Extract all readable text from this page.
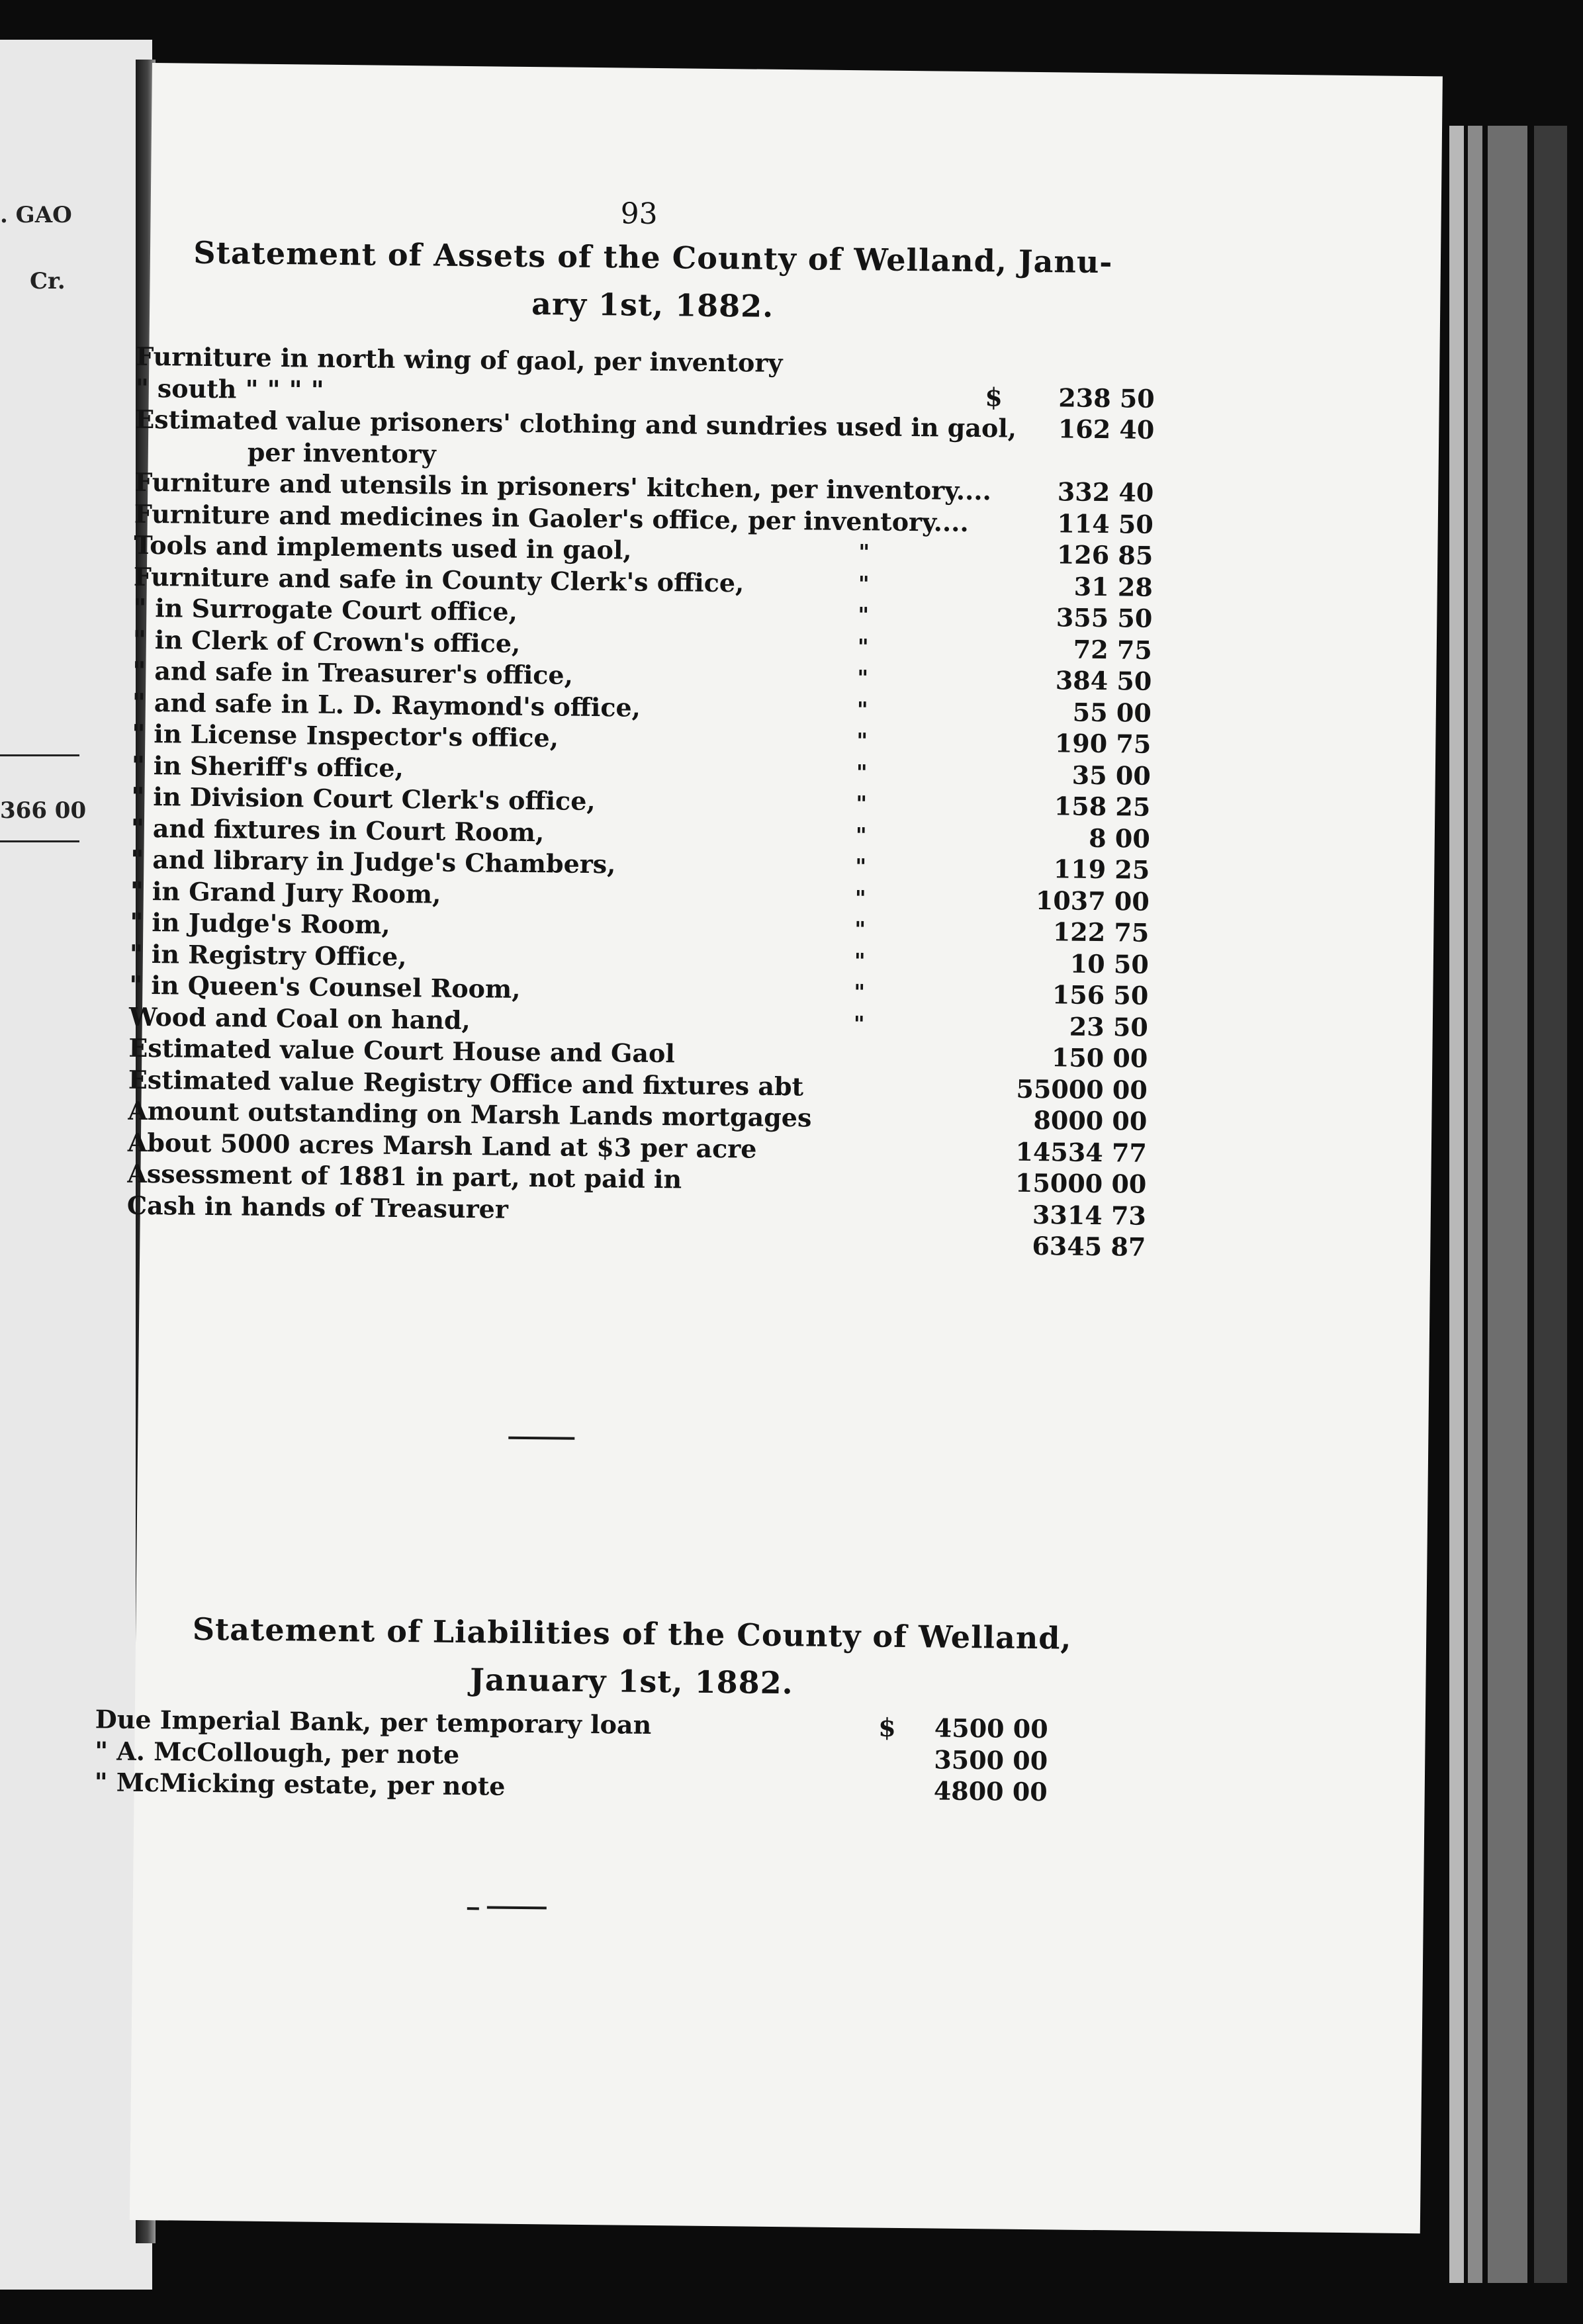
. GAO
Cr.
366 00
93
Statement of Assets of the County of Welland, Janu-
ary 1st, 1882.
Furniture in north wing of gaol, per inventory
" south " " " "	$	238 50
Estimated value prisoners' clothing and sundries used in gaol,	162 40
per inventory
Furniture and utensils in prisoners' kitchen, per inventory....	332 40
Furniture and medicines in Gaoler's office, per inventory....	114 50
Tools and implements used in gaol,	"	126 85
Furniture and safe in County Clerk's office,	"	31 28
" in Surrogate Court office,	"	355 50
" in Clerk of Crown's office,	"	72 75
" and safe in Treasurer's office,	"	384 50
" and safe in L. D. Raymond's office,	"	55 00
" in License Inspector's office,	"	190 75
" in Sheriff's office,	"	35 00
" in Division Court Clerk's office,	"	158 25
" and fixtures in Court Room,	"	8 00
" and library in Judge's Chambers,	"	119 25
" in Grand Jury Room,	"	1037 00
" in Judge's Room,	"	122 75
" in Registry Office,	"	10 50
" in Queen's Counsel Room,	"	156 50
Wood and Coal on hand,	"	23 50
Estimated value Court House and Gaol	150 00
Estimated value Registry Office and fixtures abt	55000 00
Amount outstanding on Marsh Lands mortgages	8000 00
About 5000 acres Marsh Land at $3 per acre	14534 77
Assessment of 1881 in part, not paid in	15000 00
Cash in hands of Treasurer	3314 73
6345 87
Statement of Liabilities of the County of Welland,
January 1st, 1882.
Due Imperial Bank, per temporary loan	$	4500 00
" A. McCollough, per note	3500 00
" McMicking estate, per note	4800 00
